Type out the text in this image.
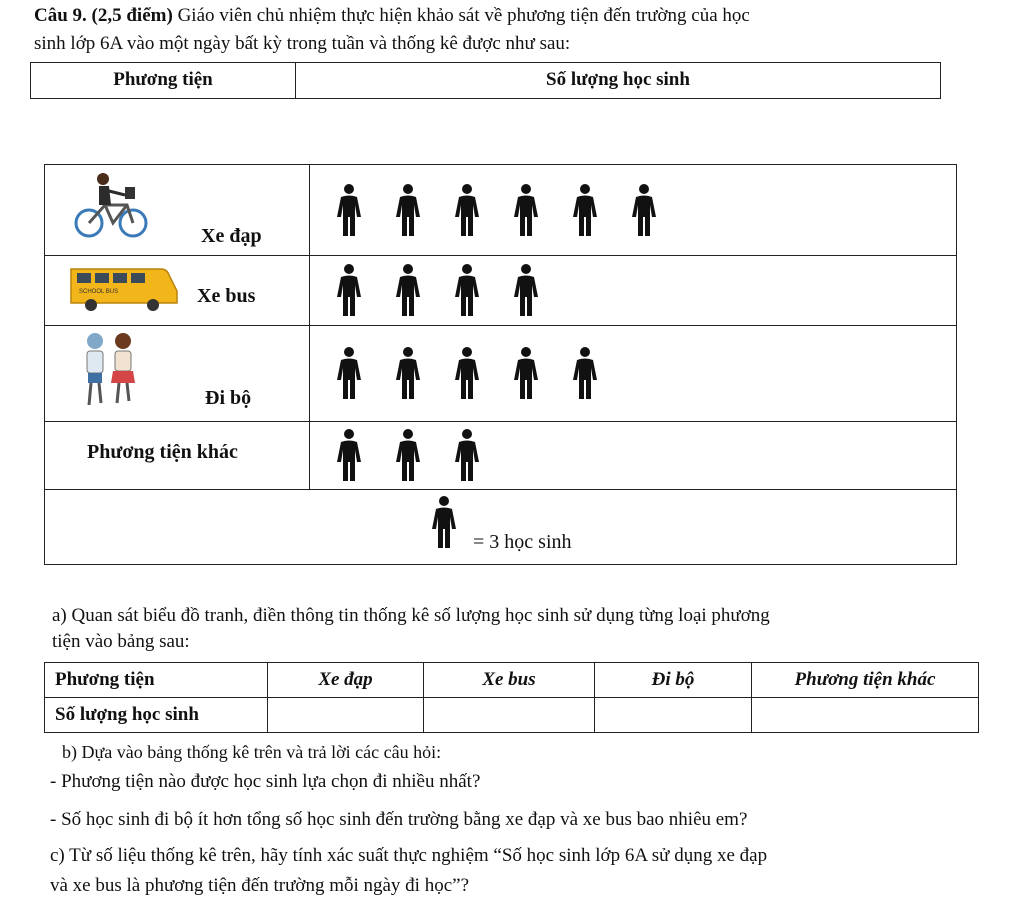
Câu 9. (2,5 điểm) Giáo viên chủ nhiệm thực hiện khảo sát về phương tiện đến trường của học
sinh lớp 6A vào một ngày bất kỳ trong tuần và thống kê được như sau:
Phương tiện	Số lượng học sinh
Xe đạp
SCHOOL BUS	Xe bus
Đi bộ
Phương tiện khác
= 3 học sinh
a) Quan sát biểu đồ tranh, điền thông tin thống kê số lượng học sinh sử dụng từng loại phương
tiện vào bảng sau:
Phương tiện	Xe đạp	Xe bus	Đi bộ	Phương tiện khác
Số lượng học sinh				
b) Dựa vào bảng thống kê trên và trả lời các câu hỏi:
- Phương tiện nào được học sinh lựa chọn đi nhiều nhất?
- Số học sinh đi bộ ít hơn tổng số học sinh đến trường bằng xe đạp và xe bus bao nhiêu em?
c) Từ số liệu thống kê trên, hãy tính xác suất thực nghiệm “Số học sinh lớp 6A sử dụng xe đạp
và xe bus là phương tiện đến trường mỗi ngày đi học”?
